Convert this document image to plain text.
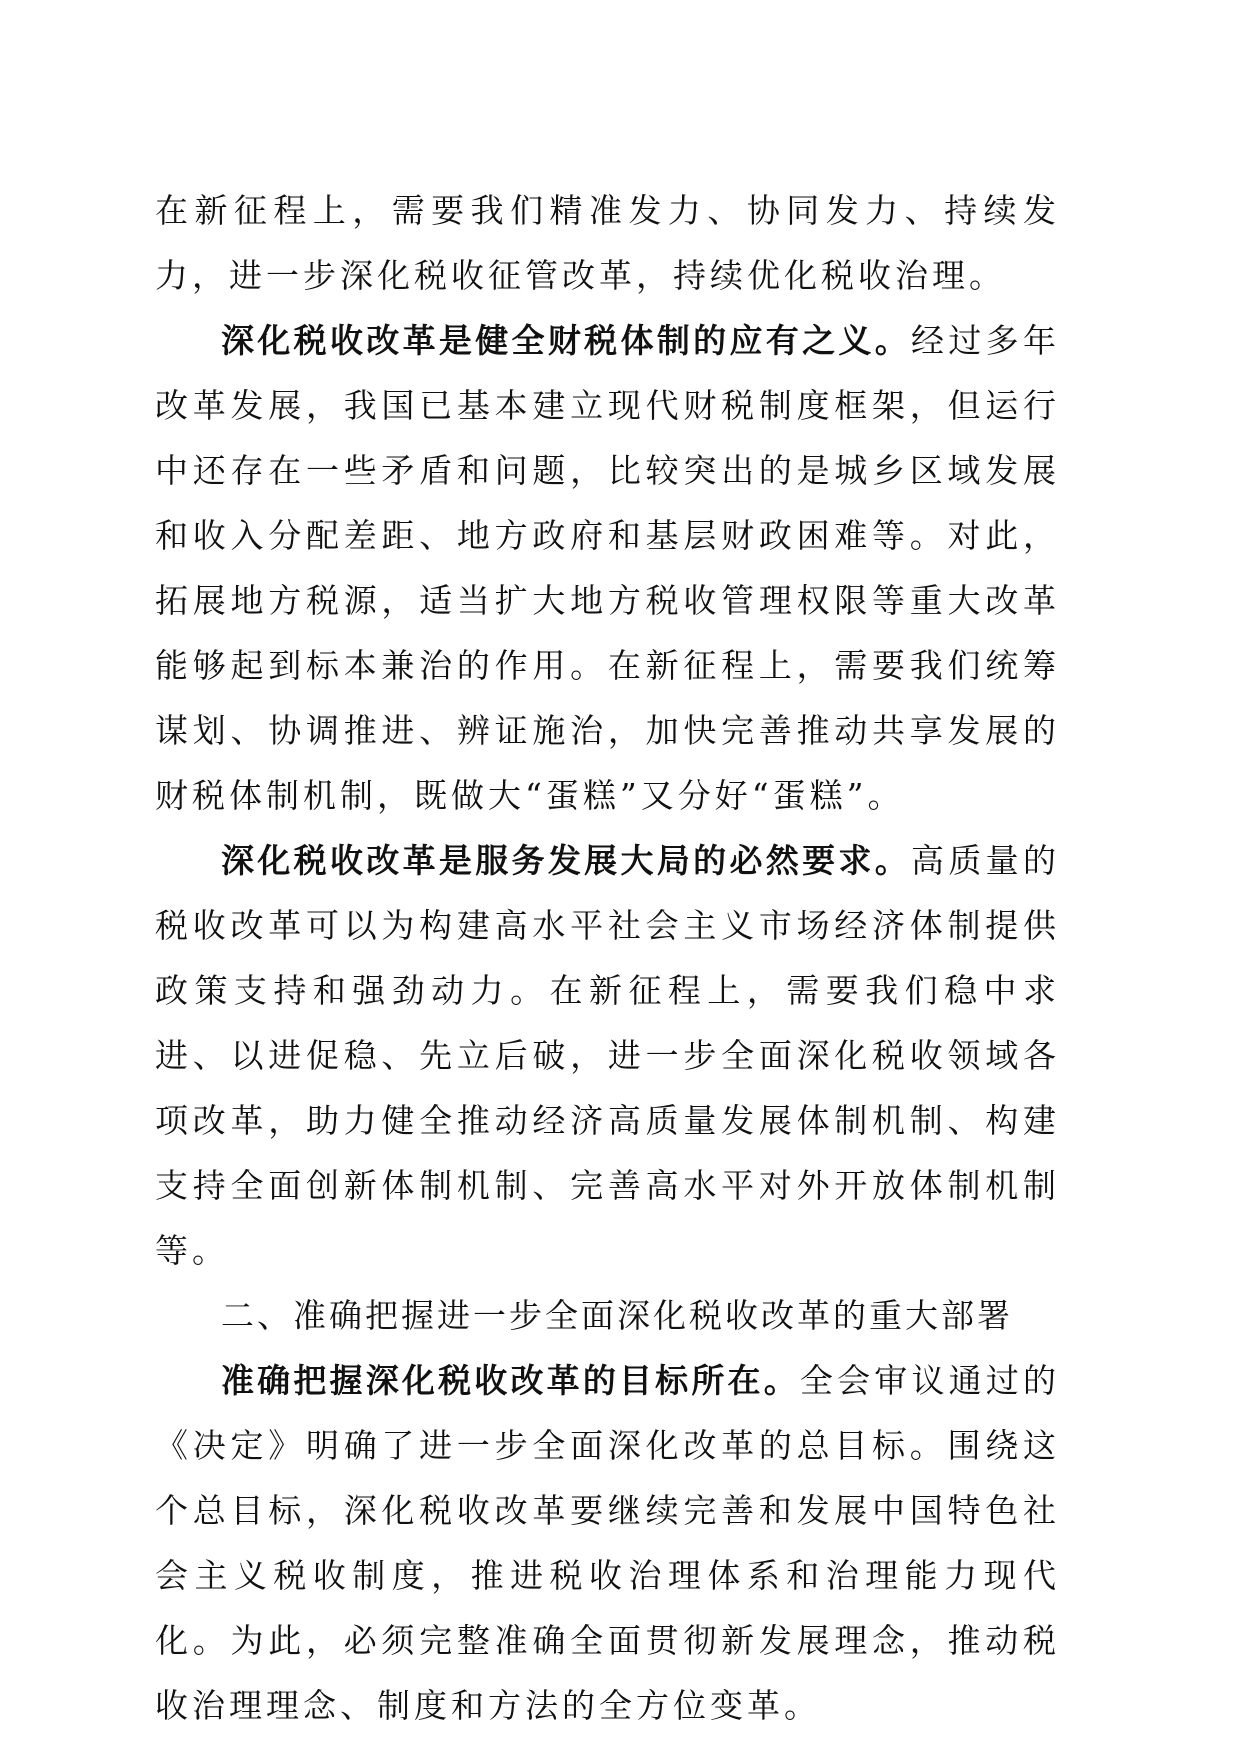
在新征程上，需要我们精准发力、协同发力、持续发力，进一步深化税收征管改革，持续优化税收治理。

深化税收改革是健全财税体制的应有之义。经过多年改革发展，我国已基本建立现代财税制度框架，但运行中还存在一些矛盾和问题，比较突出的是城乡区域发展和收入分配差距、地方政府和基层财政困难等。对此，拓展地方税源，适当扩大地方税收管理权限等重大改革能够起到标本兼治的作用。在新征程上，需要我们统筹谋划、协调推进、辨证施治，加快完善推动共享发展的财税体制机制，既做大“蛋糕”又分好“蛋糕”。

深化税收改革是服务发展大局的必然要求。高质量的税收改革可以为构建高水平社会主义市场经济体制提供政策支持和强劲动力。在新征程上，需要我们稳中求进、以进促稳、先立后破，进一步全面深化税收领域各项改革，助力健全推动经济高质量发展体制机制、构建支持全面创新体制机制、完善高水平对外开放体制机制等。

二、准确把握进一步全面深化税收改革的重大部署

准确把握深化税收改革的目标所在。全会审议通过的《决定》明确了进一步全面深化改革的总目标。围绕这个总目标，深化税收改革要继续完善和发展中国特色社会主义税收制度，推进税收治理体系和治理能力现代化。为此，必须完整准确全面贯彻新发展理念，推动税收治理理念、制度和方法的全方位变革。
